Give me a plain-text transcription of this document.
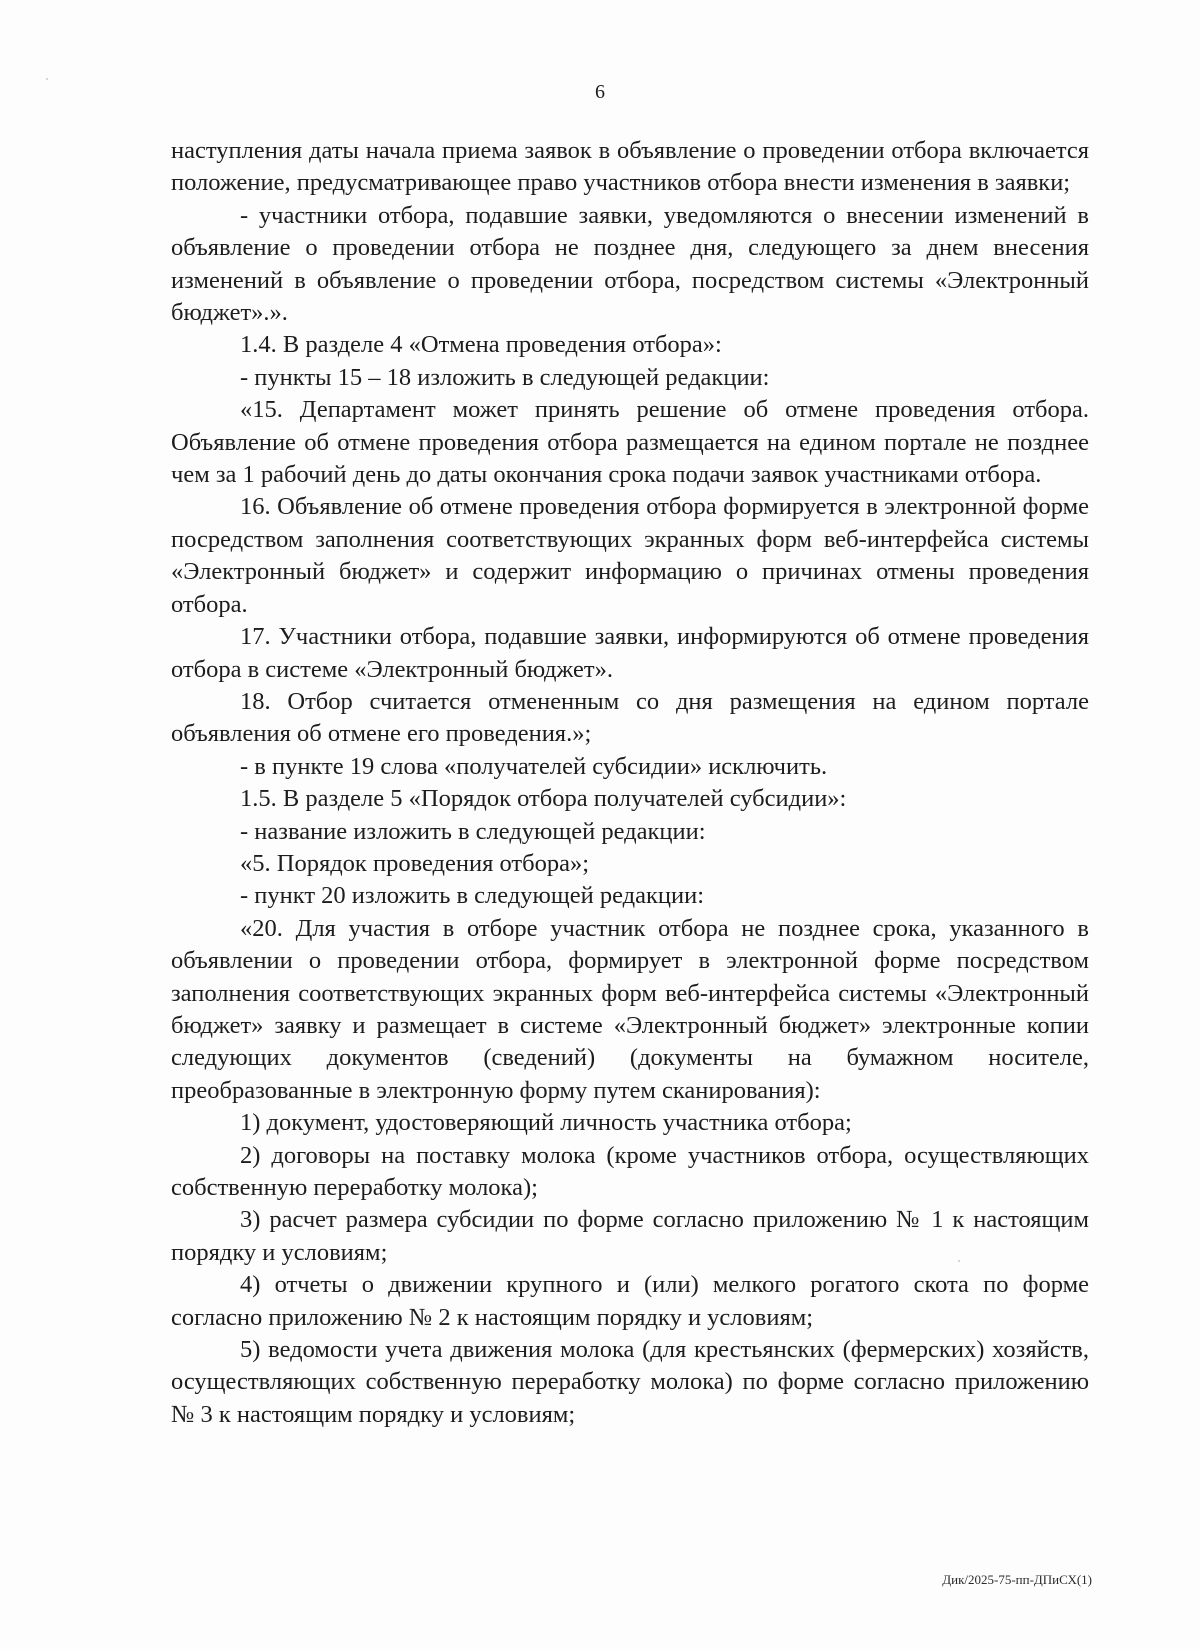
6

наступления даты начала приема заявок в объявление о проведении отбора включается положение, предусматривающее право участников отбора внести изменения в заявки;

- участники отбора, подавшие заявки, уведомляются о внесении изменений в объявление о проведении отбора не позднее дня, следующего за днем внесения изменений в объявление о проведении отбора, посредством системы «Электронный бюджет».».

1.4. В разделе 4 «Отмена проведения отбора»:

- пункты 15 – 18 изложить в следующей редакции:

«15. Департамент может принять решение об отмене проведения отбора. Объявление об отмене проведения отбора размещается на едином портале не позднее чем за 1 рабочий день до даты окончания срока подачи заявок участниками отбора.

16. Объявление об отмене проведения отбора формируется в электронной форме посредством заполнения соответствующих экранных форм веб-интерфейса системы «Электронный бюджет» и содержит информацию о причинах отмены проведения отбора.

17. Участники отбора, подавшие заявки, информируются об отмене проведения отбора в системе «Электронный бюджет».

18. Отбор считается отмененным со дня размещения на едином портале объявления об отмене его проведения.»;

- в пункте 19 слова «получателей субсидии» исключить.

1.5. В разделе 5 «Порядок отбора получателей субсидии»:

- название изложить в следующей редакции:

«5. Порядок проведения отбора»;

- пункт 20 изложить в следующей редакции:

«20. Для участия в отборе участник отбора не позднее срока, указанного в объявлении о проведении отбора, формирует в электронной форме посредством заполнения соответствующих экранных форм веб-интерфейса системы «Электронный бюджет» заявку и размещает в системе «Электронный бюджет» электронные копии следующих документов (сведений) (документы на бумажном носителе, преобразованные в электронную форму путем сканирования):

1) документ, удостоверяющий личность участника отбора;

2) договоры на поставку молока (кроме участников отбора, осуществляющих собственную переработку молока);

3) расчет размера субсидии по форме согласно приложению № 1 к настоящим порядку и условиям;

4) отчеты о движении крупного и (или) мелкого рогатого скота по форме согласно приложению № 2 к настоящим порядку и условиям;

5) ведомости учета движения молока (для крестьянских (фермерских) хозяйств, осуществляющих собственную переработку молока) по форме согласно приложению № 3 к настоящим порядку и условиям;

Дик/2025-75-пп-ДПиСХ(1)
